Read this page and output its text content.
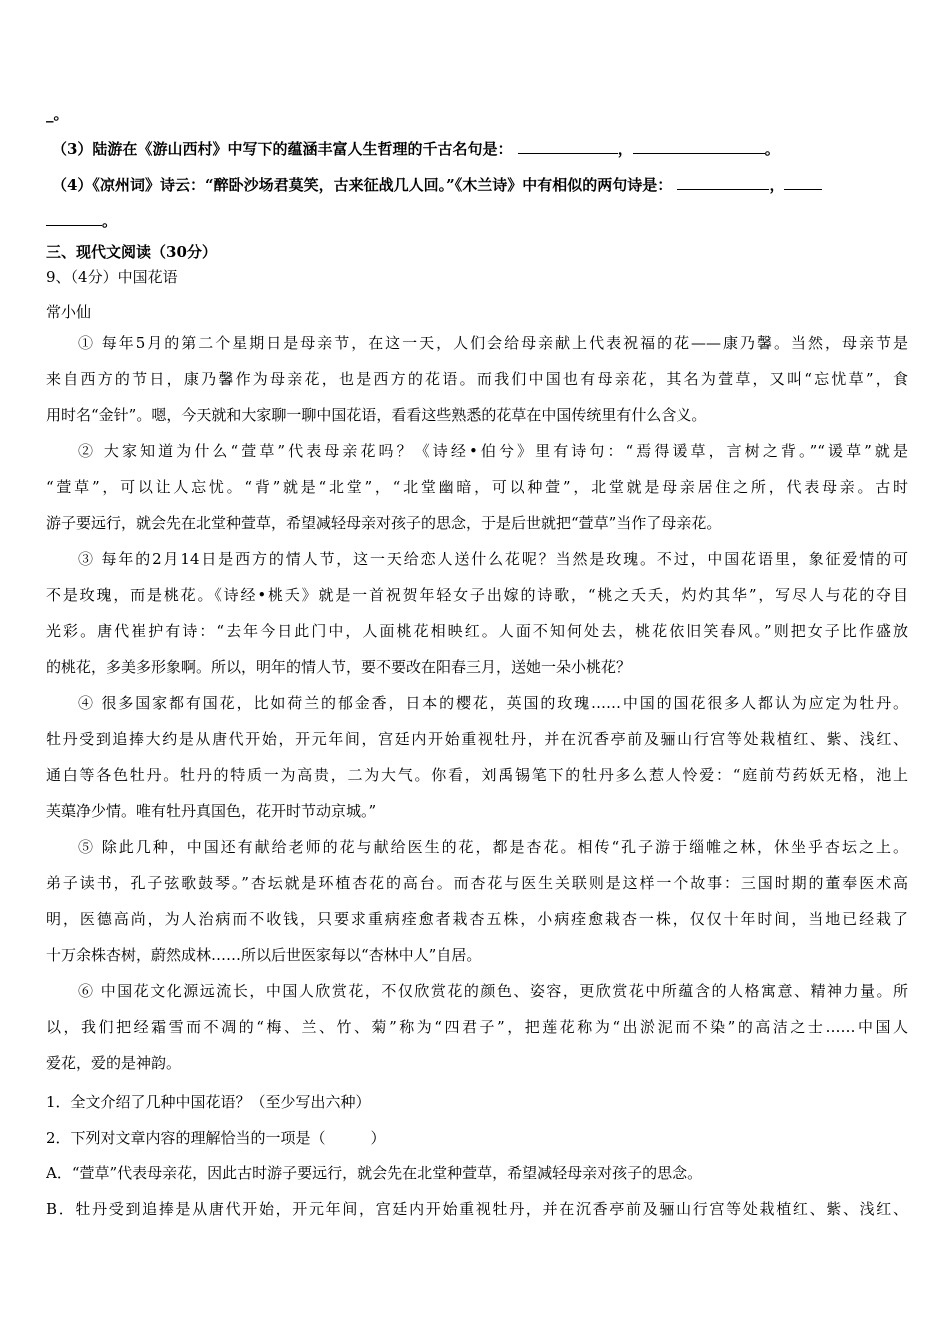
_。
（3）陆游在《游山西村》中写下的蕴涵丰富人生哲理的千古名句是：	，	。
（4）《凉州词》诗云：“醉卧沙场君莫笑，古来征战几人回。”《木兰诗》中有相似的两句诗是：	，
。
三、现代文阅读（30分）
9、（4分）中国花语
常小仙
① 每年5月的第二个星期日是母亲节，在这一天，人们会给母亲献上代表祝福的花——康乃馨。当然，母亲节是
来自西方的节日，康乃馨作为母亲花，也是西方的花语。而我们中国也有母亲花，其名为萱草，又叫“忘忧草”，食
用时名“金针”。嗯，今天就和大家聊一聊中国花语，看看这些熟悉的花草在中国传统里有什么含义。
② 大家知道为什么“萱草”代表母亲花吗？《诗经•伯兮》里有诗句：“焉得谖草，言树之背。”“谖草”就是
“萱草”，可以让人忘忧。“背”就是“北堂”，“北堂幽暗，可以种萱”，北堂就是母亲居住之所，代表母亲。古时
游子要远行，就会先在北堂种萱草，希望减轻母亲对孩子的思念，于是后世就把“萱草”当作了母亲花。
③ 每年的2月14日是西方的情人节，这一天给恋人送什么花呢？当然是玫瑰。不过，中国花语里，象征爱情的可
不是玫瑰，而是桃花。《诗经•桃夭》就是一首祝贺年轻女子出嫁的诗歌，“桃之夭夭，灼灼其华”，写尽人与花的夺目
光彩。唐代崔护有诗：“去年今日此门中，人面桃花相映红。人面不知何处去，桃花依旧笑春风。”则把女子比作盛放
的桃花，多美多形象啊。所以，明年的情人节，要不要改在阳春三月，送她一朵小桃花？
④ 很多国家都有国花，比如荷兰的郁金香，日本的樱花，英国的玫瑰……中国的国花很多人都认为应定为牡丹。
牡丹受到追捧大约是从唐代开始，开元年间，宫廷内开始重视牡丹，并在沉香亭前及骊山行宫等处栽植红、紫、浅红、
通白等各色牡丹。牡丹的特质一为高贵，二为大气。你看，刘禹锡笔下的牡丹多么惹人怜爱：“庭前芍药妖无格，池上
芙蕖净少情。唯有牡丹真国色，花开时节动京城。”
⑤ 除此几种，中国还有献给老师的花与献给医生的花，都是杏花。相传“孔子游于缁帷之林，休坐乎杏坛之上。
弟子读书，孔子弦歌鼓琴。”杏坛就是环植杏花的高台。而杏花与医生关联则是这样一个故事：三国时期的董奉医术高
明，医德高尚，为人治病而不收钱，只要求重病痊愈者栽杏五株，小病痊愈栽杏一株，仅仅十年时间，当地已经栽了
十万余株杏树，蔚然成林……所以后世医家每以“杏林中人”自居。
⑥ 中国花文化源远流长，中国人欣赏花，不仅欣赏花的颜色、姿容，更欣赏花中所蕴含的人格寓意、精神力量。所
以，我们把经霜雪而不凋的“梅、兰、竹、菊”称为“四君子”，把莲花称为“出淤泥而不染”的高洁之士……中国人
爱花，爱的是神韵。
1．全文介绍了几种中国花语？（至少写出六种）
2．下列对文章内容的理解恰当的一项是（　　　）
A．“萱草”代表母亲花，因此古时游子要远行，就会先在北堂种萱草，希望减轻母亲对孩子的思念。
B．牡丹受到追捧是从唐代开始，开元年间，宫廷内开始重视牡丹，并在沉香亭前及骊山行宫等处栽植红、紫、浅红、
